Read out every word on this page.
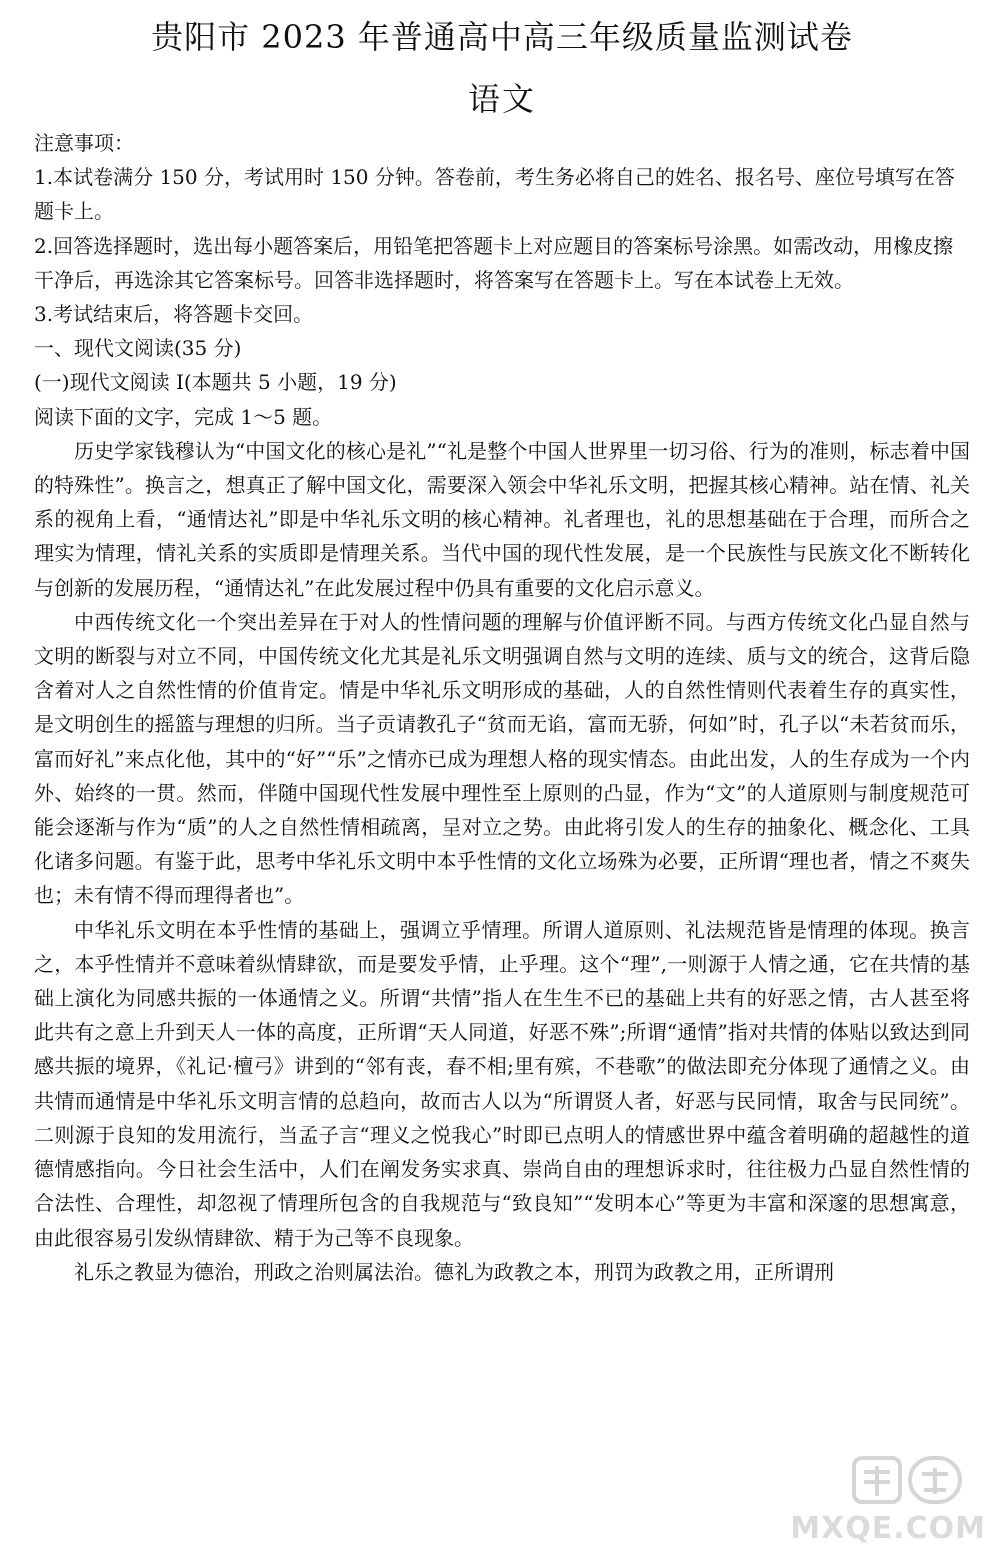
贵阳市 2023 年普通高中高三年级质量监测试卷
语文
注意事项：
1.本试卷满分 150 分，考试用时 150 分钟。答卷前，考生务必将自己的姓名、报名号、座位号填写在答题卡上。
2.回答选择题时，选出每小题答案后，用铅笔把答题卡上对应题目的答案标号涂黑。如需改动，用橡皮擦干净后，再选涂其它答案标号。回答非选择题时，将答案写在答题卡上。写在本试卷上无效。
3.考试结束后，将答题卡交回。
一、现代文阅读(35 分)
(一)现代文阅读 Ⅰ(本题共 5 小题，19 分)
阅读下面的文字，完成 1～5 题。

历史学家钱穆认为“中国文化的核心是礼”“礼是整个中国人世界里一切习俗、行为的准则，标志着中国的特殊性”。换言之，想真正了解中国文化，需要深入领会中华礼乐文明，把握其核心精神。站在情、礼关系的视角上看，“通情达礼”即是中华礼乐文明的核心精神。礼者理也，礼的思想基础在于合理，而所合之理实为情理，情礼关系的实质即是情理关系。当代中国的现代性发展，是一个民族性与民族文化不断转化与创新的发展历程，“通情达礼”在此发展过程中仍具有重要的文化启示意义。

中西传统文化一个突出差异在于对人的性情问题的理解与价值评断不同。与西方传统文化凸显自然与文明的断裂与对立不同，中国传统文化尤其是礼乐文明强调自然与文明的连续、质与文的统合，这背后隐含着对人之自然性情的价值肯定。情是中华礼乐文明形成的基础，人的自然性情则代表着生存的真实性，是文明创生的摇篮与理想的归所。当子贡请教孔子“贫而无谄，富而无骄，何如”时，孔子以“未若贫而乐，富而好礼”来点化他，其中的“好”“乐”之情亦已成为理想人格的现实情态。由此出发，人的生存成为一个内外、始终的一贯。然而，伴随中国现代性发展中理性至上原则的凸显，作为“文”的人道原则与制度规范可能会逐渐与作为“质”的人之自然性情相疏离，呈对立之势。由此将引发人的生存的抽象化、概念化、工具化诸多问题。有鉴于此，思考中华礼乐文明中本乎性情的文化立场殊为必要，正所谓“理也者，情之不爽失也；未有情不得而理得者也”。

中华礼乐文明在本乎性情的基础上，强调立乎情理。所谓人道原则、礼法规范皆是情理的体现。换言之，本乎性情并不意味着纵情肆欲，而是要发乎情，止乎理。这个“理”,一则源于人情之通，它在共情的基础上演化为同感共振的一体通情之义。所谓“共情”指人在生生不已的基础上共有的好恶之情，古人甚至将此共有之意上升到天人一体的高度，正所谓“天人同道，好恶不殊”;所谓“通情”指对共情的体贴以致达到同感共振的境界，《礼记·檀弓》讲到的“邻有丧，春不相;里有殡，不巷歌”的做法即充分体现了通情之义。由共情而通情是中华礼乐文明言情的总趋向，故而古人以为“所谓贤人者，好恶与民同情，取舍与民同统”。二则源于良知的发用流行，当孟子言“理义之悦我心”时即已点明人的情感世界中蕴含着明确的超越性的道德情感指向。今日社会生活中，人们在阐发务实求真、崇尚自由的理想诉求时，往往极力凸显自然性情的合法性、合理性，却忽视了情理所包含的自我规范与“致良知”“发明本心”等更为丰富和深邃的思想寓意，由此很容易引发纵情肆欲、精于为己等不良现象。

礼乐之教显为德治，刑政之治则属法治。德礼为政教之本，刑罚为政教之用，正所谓刑

MXQE.COM
